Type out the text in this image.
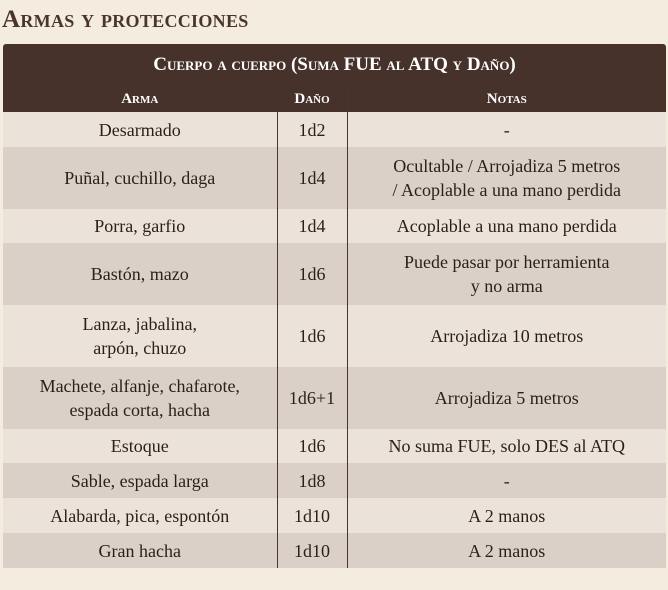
Armas y protecciones
Cuerpo a cuerpo (Suma FUE al ATQ y Daño)
Arma	Daño	Notas
Desarmado	1d2	-
Puñal, cuchillo, daga	1d4	Ocultable / Arrojadiza 5 metros
/ Acoplable a una mano perdida
Porra, garfio	1d4	Acoplable a una mano perdida
Bastón, mazo	1d6	Puede pasar por herramienta
y no arma
Lanza, jabalina,
arpón, chuzo	1d6	Arrojadiza 10 metros
Machete, alfanje, chafarote,
espada corta, hacha	1d6+1	Arrojadiza 5 metros
Estoque	1d6	No suma FUE, solo DES al ATQ
Sable, espada larga	1d8	-
Alabarda, pica, espontón	1d10	A 2 manos
Gran hacha	1d10	A 2 manos
